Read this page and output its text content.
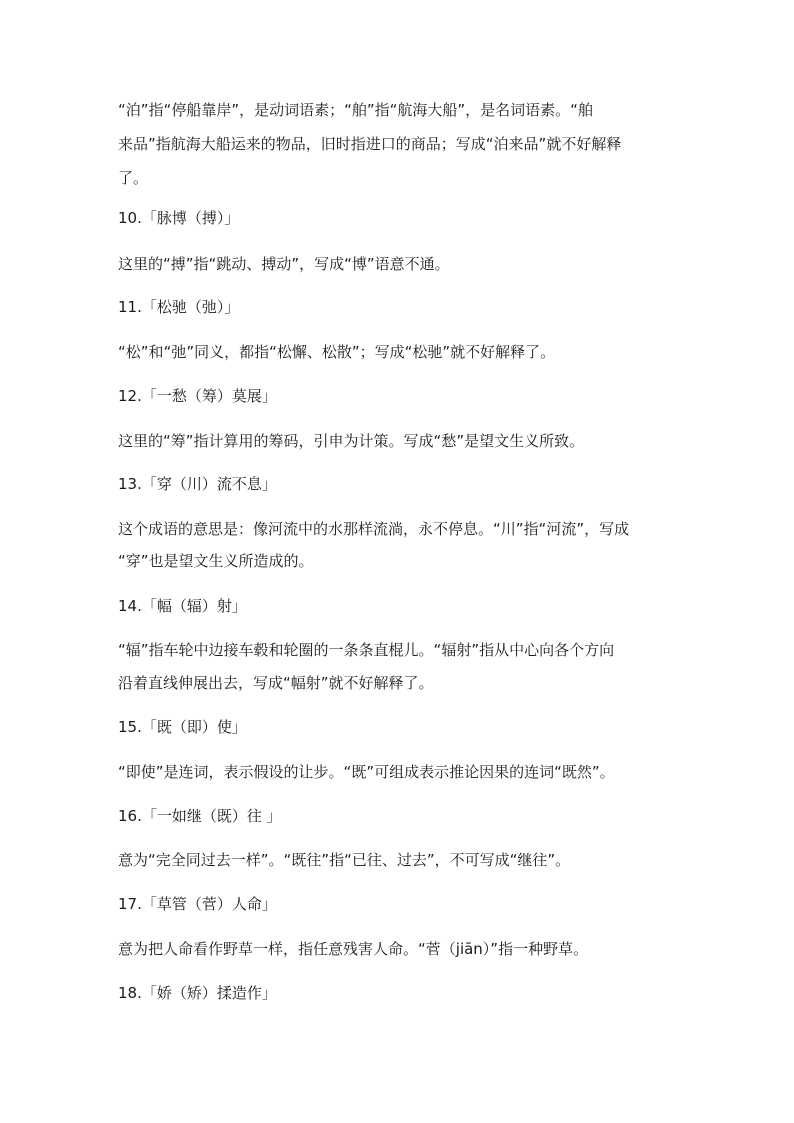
“泊”指“停船靠岸”，是动词语素；“舶”指“航海大船”，是名词语素。“舶
来品”指航海大船运来的物品，旧时指进口的商品；写成“泊来品”就不好解释
了。
10.「脉博（搏）」
这里的“搏”指“跳动、搏动”，写成“博”语意不通。
11.「松驰（弛）」
“松”和“弛”同义，都指“松懈、松散”；写成“松驰”就不好解释了。
12.「一愁（筹）莫展」
这里的“筹”指计算用的筹码，引申为计策。写成“愁”是望文生义所致。
13.「穿（川）流不息」
这个成语的意思是：像河流中的水那样流淌，永不停息。“川”指“河流”，写成
“穿”也是望文生义所造成的。
14.「幅（辐）射」
“辐”指车轮中边接车毂和轮圈的一条条直棍儿。“辐射”指从中心向各个方向
沿着直线伸展出去，写成“幅射”就不好解释了。
15.「既（即）使」
“即使”是连词，表示假设的让步。“既”可组成表示推论因果的连词“既然”。
16.「一如继（既）往 」
意为“完全同过去一样”。“既往”指“已往、过去”，不可写成“继往”。
17.「草管（菅）人命」
意为把人命看作野草一样，指任意残害人命。“菅（jiān）”指一种野草。
18.「娇（矫）揉造作」
